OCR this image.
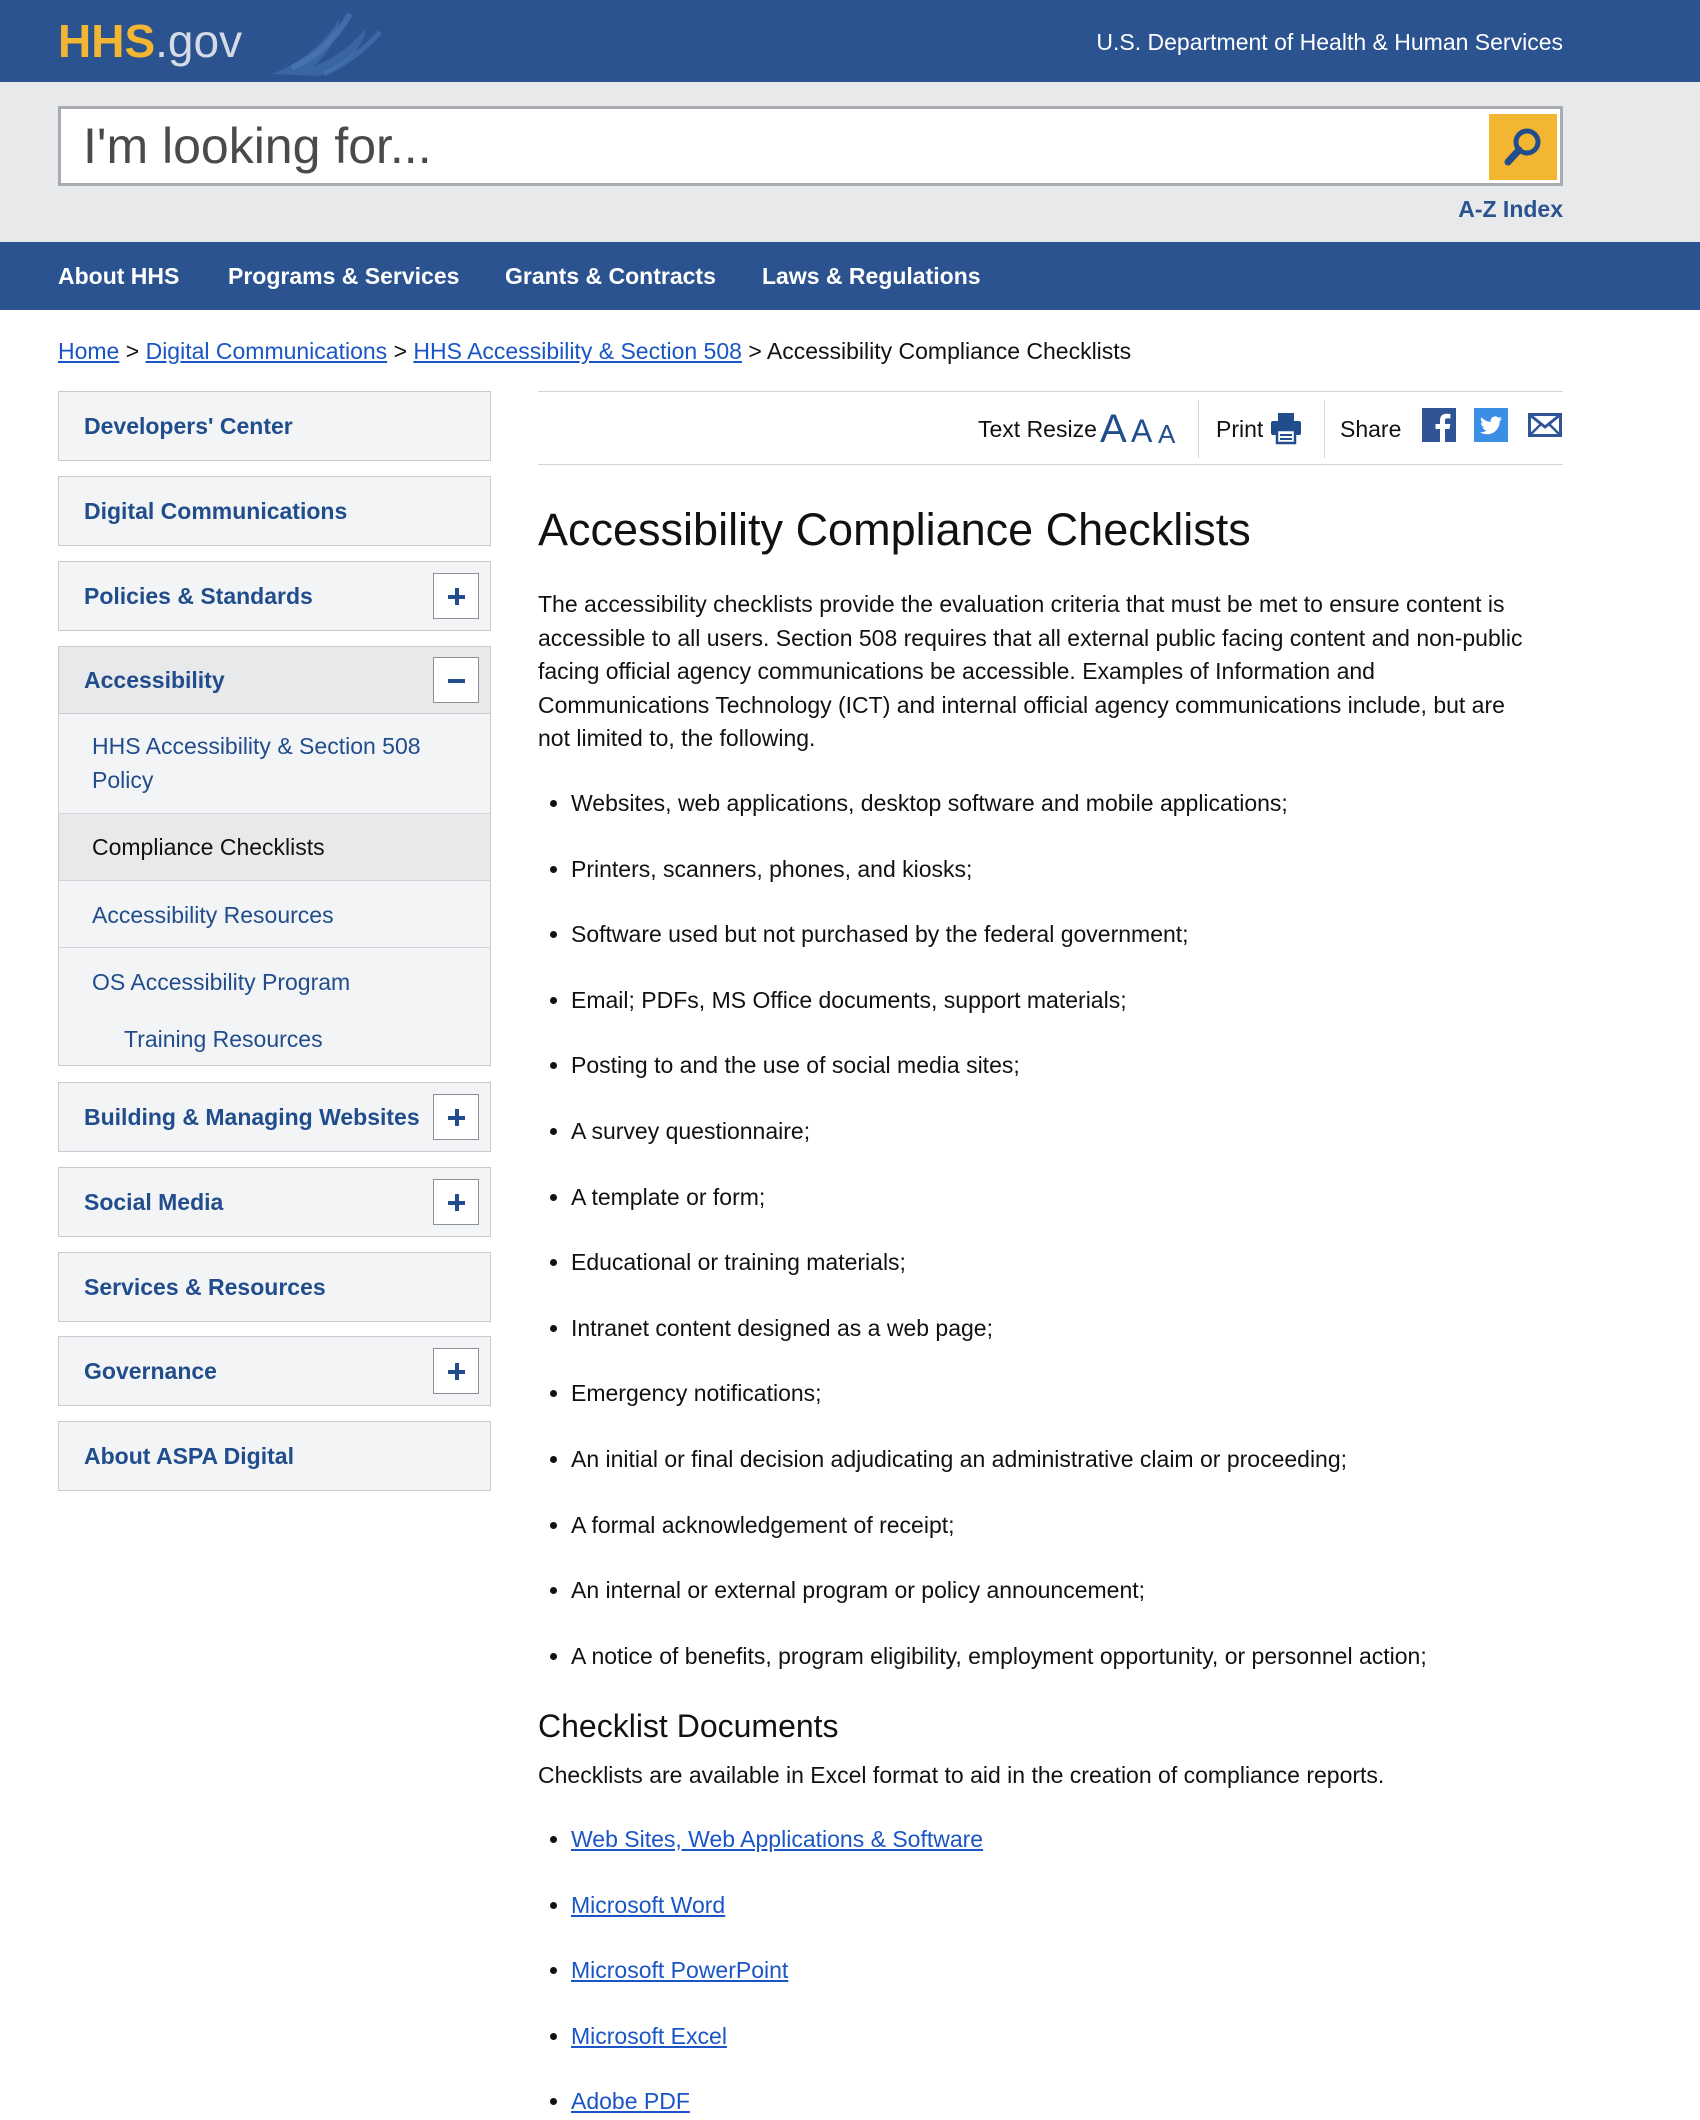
HHS.gov	U.S. Department of Health & Human Services
I'm looking for...
A-Z Index
About HHS Programs & Services Grants & Contracts Laws & Regulations
Home > Digital Communications > HHS Accessibility & Section 508 > Accessibility Compliance Checklists
Developers' Center
Digital Communications
Policies & Standards
Accessibility
HHS Accessibility & Section 508
Policy
Compliance Checklists
Accessibility Resources
OS Accessibility Program
Training Resources
Building & Managing Websites
Social Media
Services & Resources
Governance
About ASPA Digital
Text Resize A A A Print	Share
Accessibility Compliance Checklists

The accessibility checklists provide the evaluation criteria that must be met to ensure content is accessible to all users. Section 508 requires that all external public facing content and non-public facing official agency communications be accessible. Examples of Information and Communications Technology (ICT) and internal official agency communications include, but are not limited to, the following.

Websites, web applications, desktop software and mobile applications;
Printers, scanners, phones, and kiosks;
Software used but not purchased by the federal government;
Email; PDFs, MS Office documents, support materials;
Posting to and the use of social media sites;
A survey questionnaire;
A template or form;
Educational or training materials;
Intranet content designed as a web page;
Emergency notifications;
An initial or final decision adjudicating an administrative claim or proceeding;
A formal acknowledgement of receipt;
An internal or external program or policy announcement;
A notice of benefits, program eligibility, employment opportunity, or personnel action;
Checklist Documents

Checklists are available in Excel format to aid in the creation of compliance reports.

Web Sites, Web Applications & Software
Microsoft Word
Microsoft PowerPoint
Microsoft Excel
Adobe PDF
